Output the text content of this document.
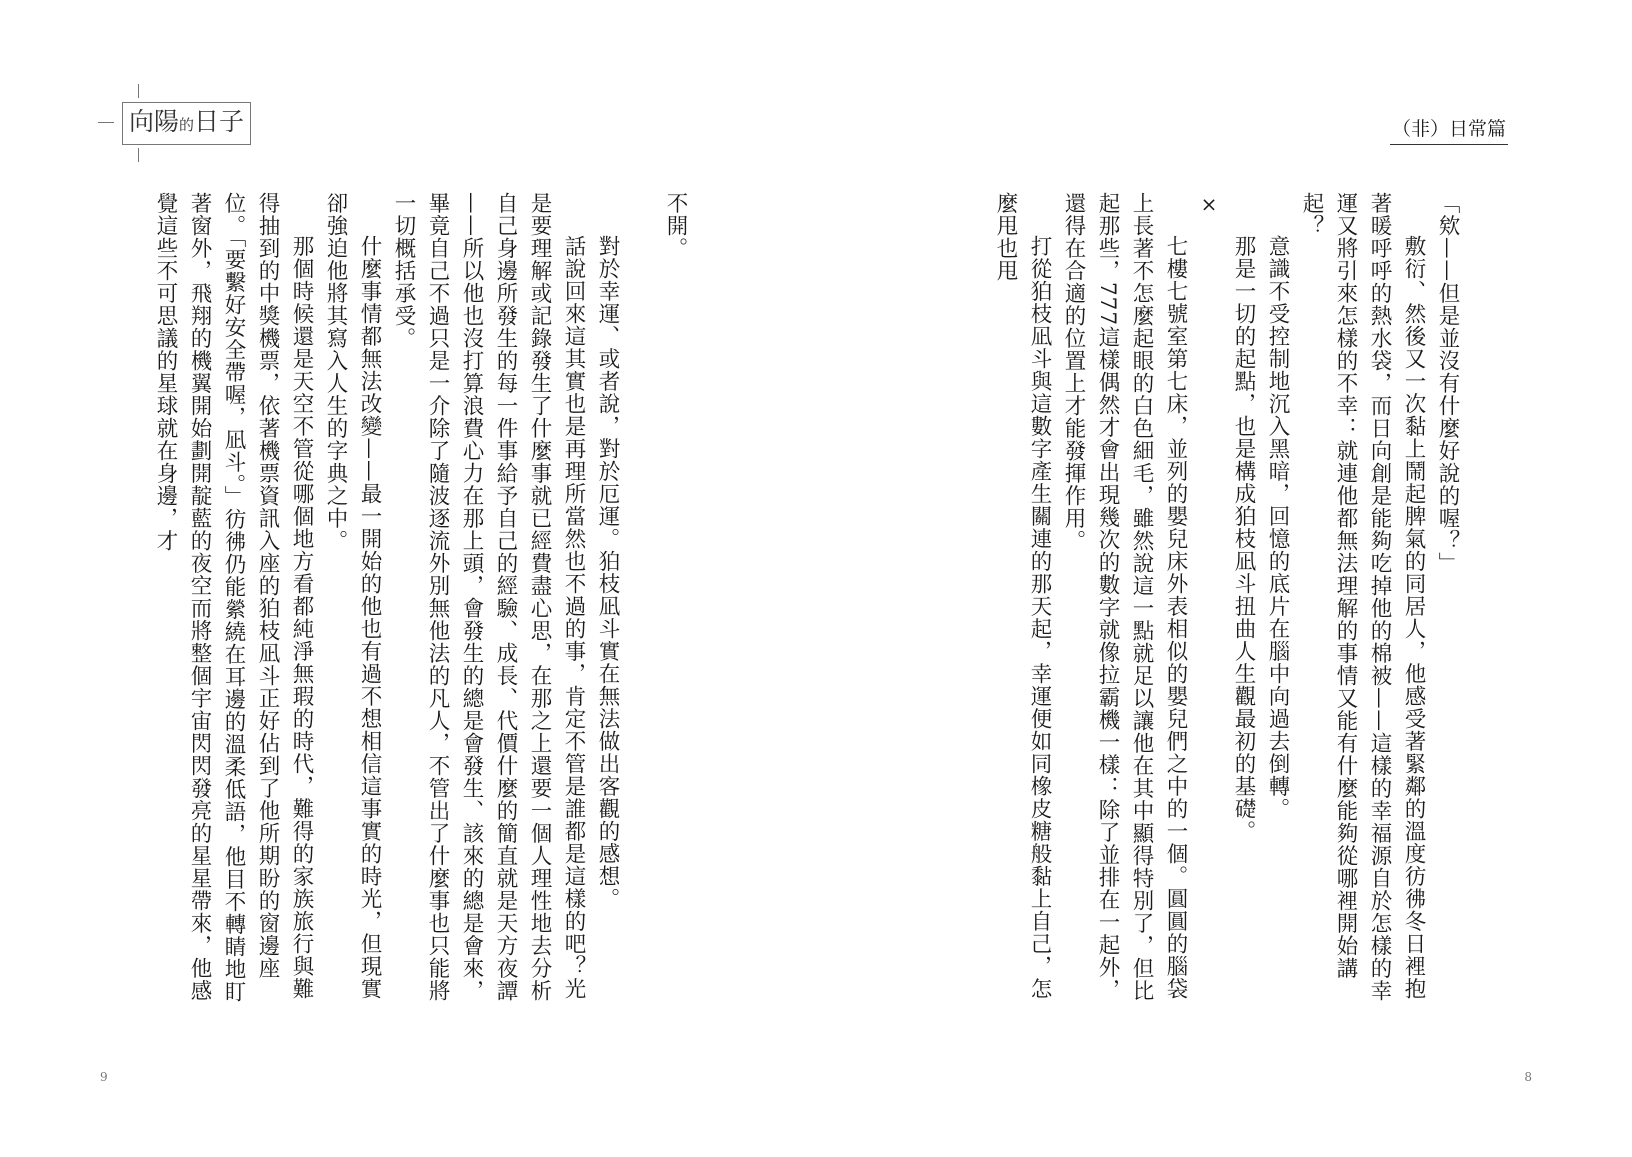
向陽的日子	（非）日常篇

「欸——但是並沒有什麼好說的喔？」

敷衍、然後又一次黏上鬧起脾氣的同居人，他感受著緊鄰的溫度彷彿冬日裡抱著暖呼呼的熱水袋，而日向創是能夠吃掉他的棉被——這樣的幸福源自於怎樣的幸運又將引來怎樣的不幸：就連他都無法理解的事情又能有什麼能夠從哪裡開始講起？

意識不受控制地沉入黑暗，回憶的底片在腦中向過去倒轉。

那是一切的起點，也是構成狛枝凪斗扭曲人生觀最初的基礎。

×

七樓七號室第七床，並列的嬰兒床外表相似的嬰兒們之中的一個。圓圓的腦袋上長著不怎麼起眼的白色細毛，雖然說這一點就足以讓他在其中顯得特別了，但比起那些，777這樣偶然才會出現幾次的數字就像拉霸機一樣：除了並排在一起外，還得在合適的位置上才能發揮作用。

打從狛枝凪斗與這數字產生關連的那天起，幸運便如同橡皮糖般黏上自己，怎麼甩也甩

不開。

對於幸運、或者說，對於厄運。狛枝凪斗實在無法做出客觀的感想。

話說回來這其實也是再理所當然也不過的事，肯定不管是誰都是這樣的吧？光是要理解或記錄發生了什麼事就已經費盡心思，在那之上還要一個人理性地去分析自己身邊所發生的每一件事給予自己的經驗、成長、代價什麼的簡直就是天方夜譚——所以他也沒打算浪費心力在那上頭，會發生的總是會發生、該來的總是會來，畢竟自己不過只是一介除了隨波逐流外別無他法的凡人，不管出了什麼事也只能將一切概括承受。

什麼事情都無法改變——最一開始的他也有過不想相信這事實的時光，但現實卻強迫他將其寫入人生的字典之中。

那個時候還是天空不管從哪個地方看都純淨無瑕的時代，難得的家族旅行與難得抽到的中獎機票，依著機票資訊入座的狛枝凪斗正好佔到了他所期盼的窗邊座位。「要繫好安全帶喔，凪斗。」彷彿仍能縈繞在耳邊的溫柔低語，他目不轉睛地盯著窗外，飛翔的機翼開始劃開靛藍的夜空而將整個宇宙閃閃發亮的星星帶來，他感覺這些不可思議的星球就在身邊，才

9	8
